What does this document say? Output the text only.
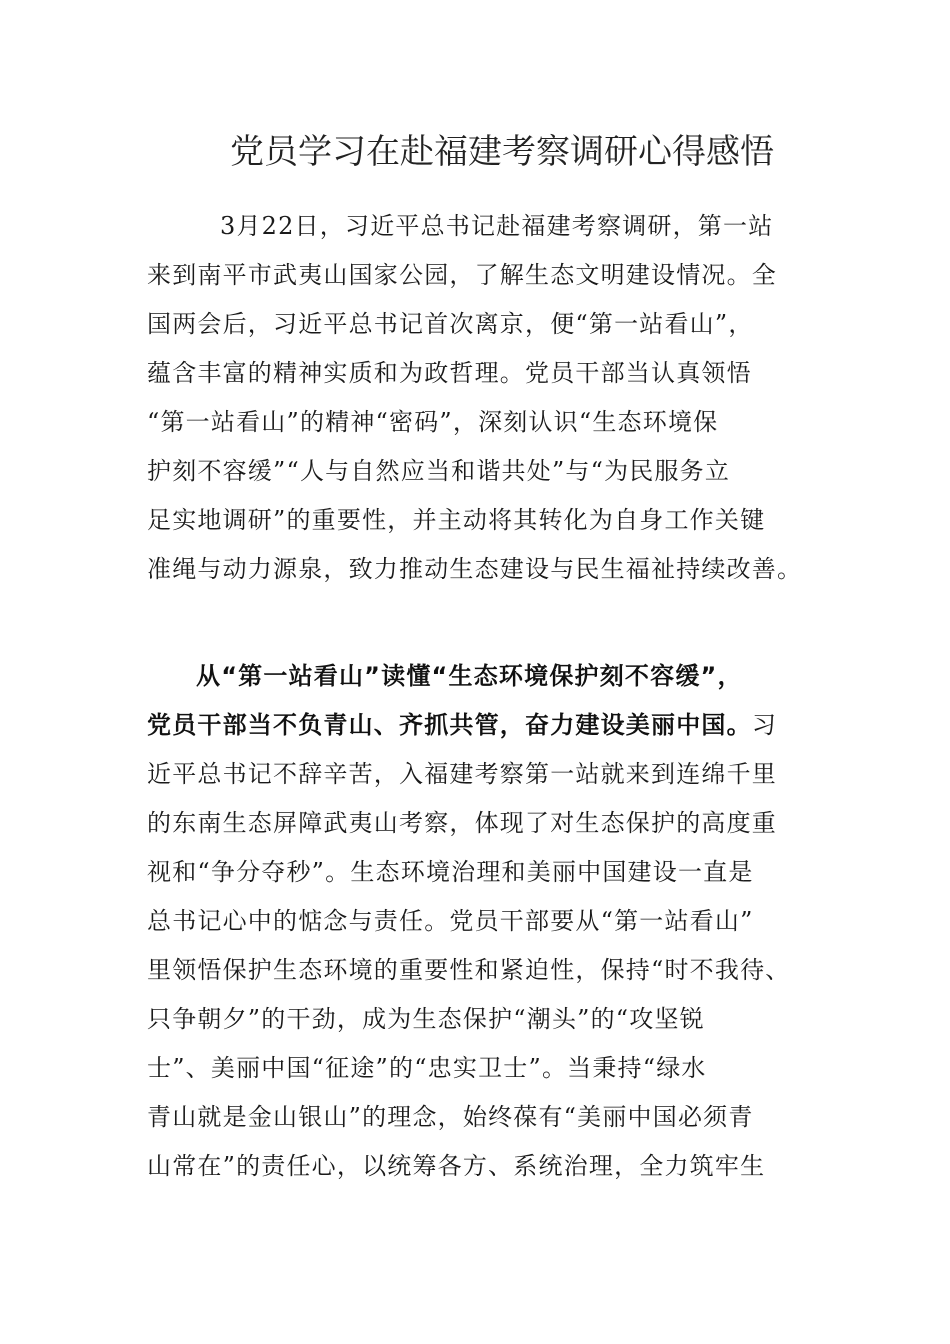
党员学习在赴福建考察调研心得感悟
3月22日，习近平总书记赴福建考察调研，第一站
来到南平市武夷山国家公园，了解生态文明建设情况。全
国两会后，习近平总书记首次离京，便“第一站看山”，
蕴含丰富的精神实质和为政哲理。党员干部当认真领悟
“第一站看山”的精神“密码”，深刻认识“生态环境保
护刻不容缓”“人与自然应当和谐共处”与“为民服务立
足实地调研”的重要性，并主动将其转化为自身工作关键
准绳与动力源泉，致力推动生态建设与民生福祉持续改善。
从“第一站看山”读懂“生态环境保护刻不容缓”，
党员干部当不负青山、齐抓共管，奋力建设美丽中国。习
近平总书记不辞辛苦，入福建考察第一站就来到连绵千里
的东南生态屏障武夷山考察，体现了对生态保护的高度重
视和“争分夺秒”。生态环境治理和美丽中国建设一直是
总书记心中的惦念与责任。党员干部要从“第一站看山”
里领悟保护生态环境的重要性和紧迫性，保持“时不我待、
只争朝夕”的干劲，成为生态保护“潮头”的“攻坚锐
士”、美丽中国“征途”的“忠实卫士”。当秉持“绿水
青山就是金山银山”的理念，始终葆有“美丽中国必须青
山常在”的责任心，以统筹各方、系统治理，全力筑牢生
